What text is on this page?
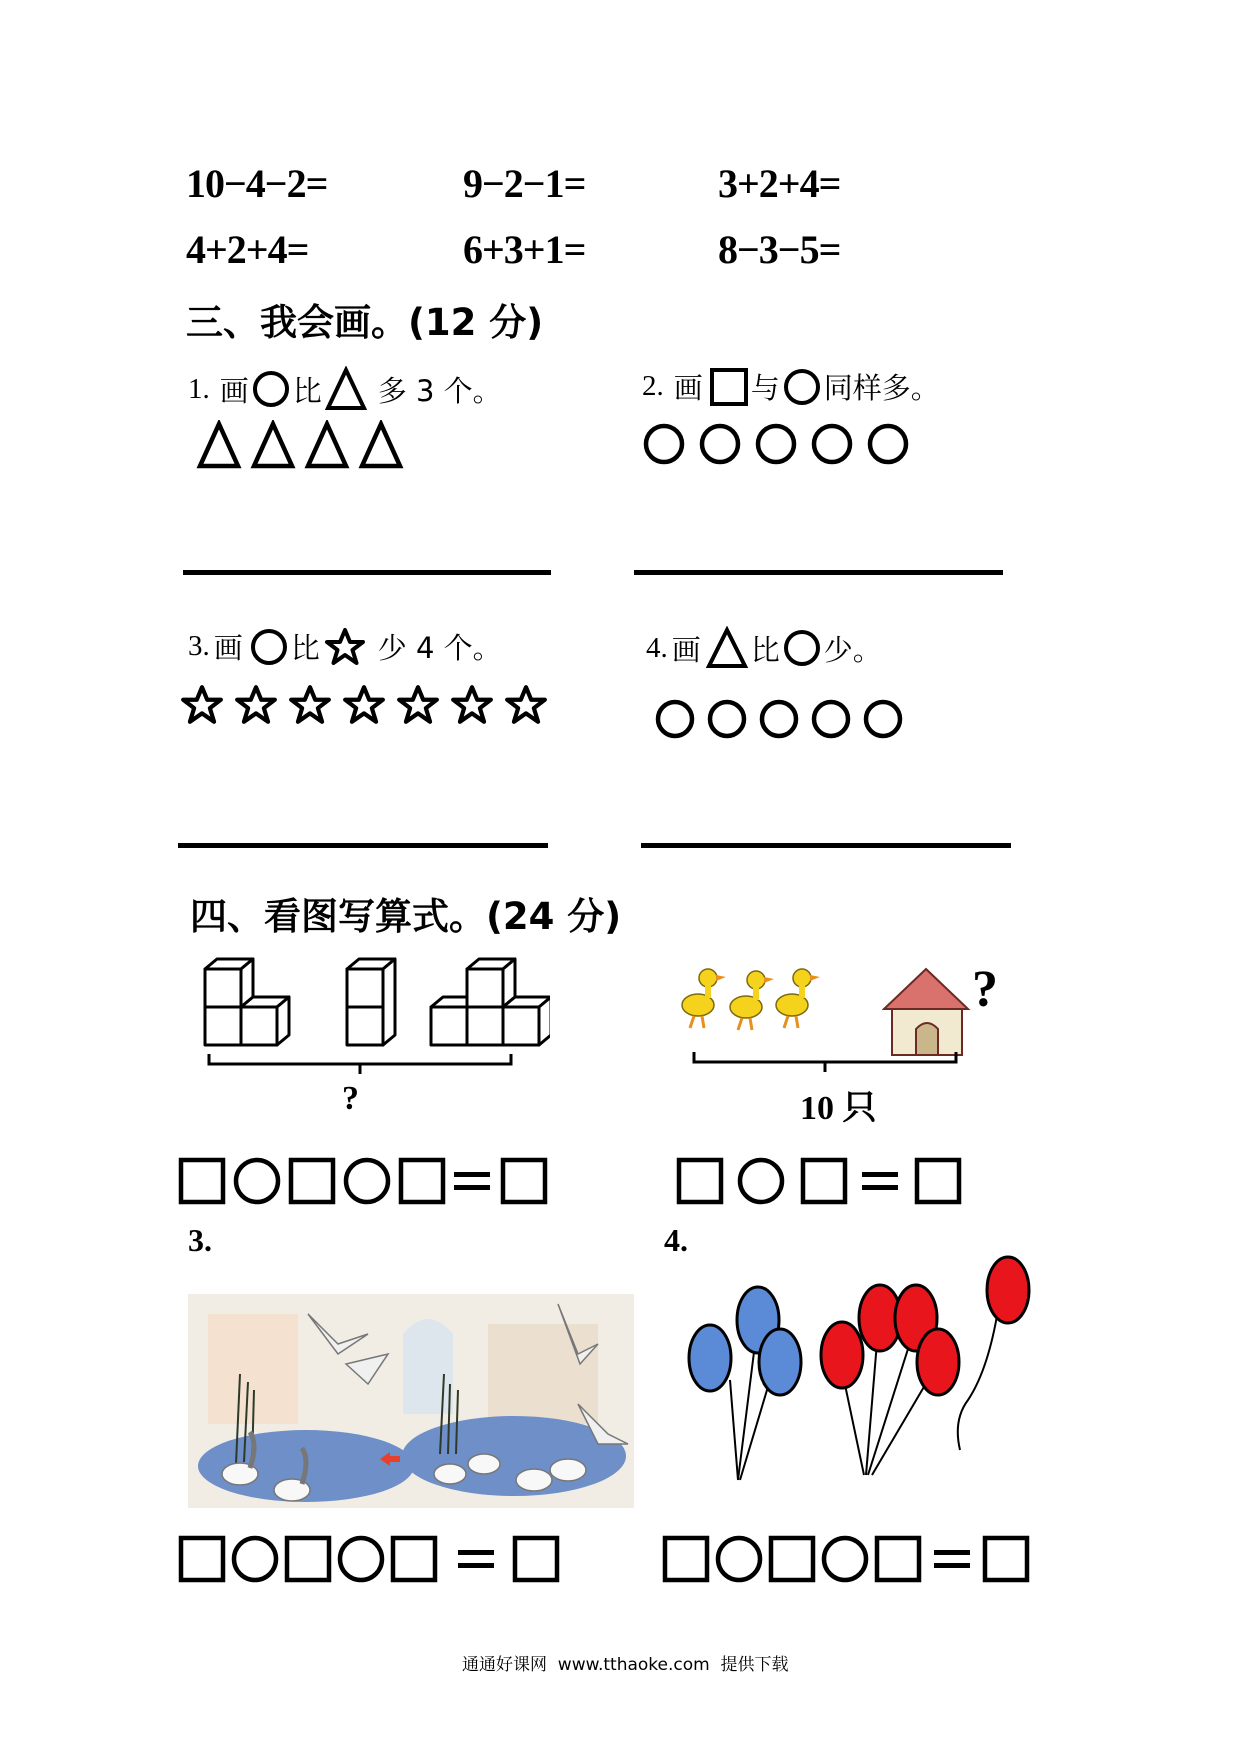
10−4−2=	9−2−1=	3+2+4=
4+2+4=	6+3+1=	8−3−5=
三、我会画。(12 分)
1. 画 比 多 3 个。	2. 画 与 同样多。
3. 画 比 少 4 个。	4. 画 比 少。
四、看图写算式。(24 分)
?
?
10 只
3.	4.
通通好课网  www.tthaoke.com  提供下载
